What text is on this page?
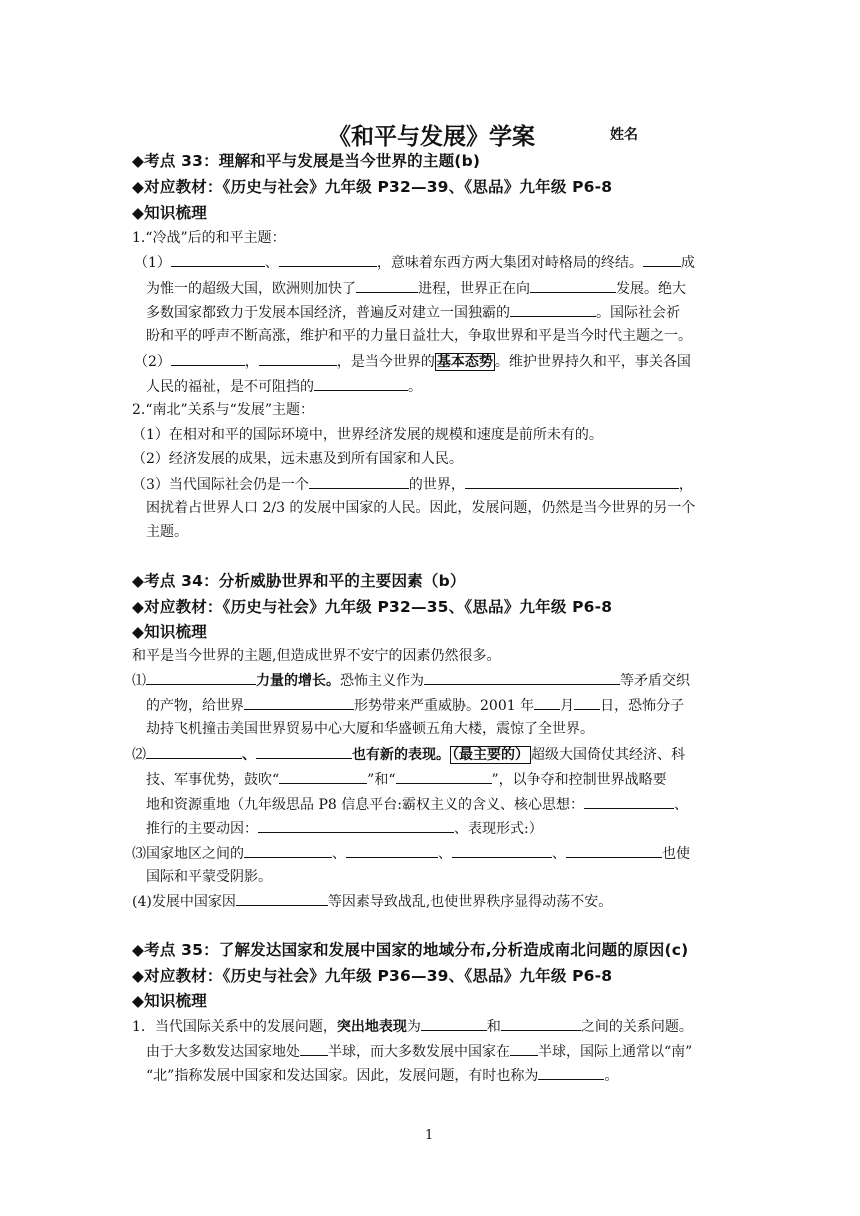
《和平与发展》学案	姓名
◆考点 33：理解和平与发展是当今世界的主题(b)
◆对应教材：《历史与社会》九年级 P32—39、《思品》九年级 P6-8
◆知识梳理
1.“冷战”后的和平主题：
（1）	、	，意味着东西方两大集团对峙格局的终结。	成
为惟一的超级大国，欧洲则加快了	进程，世界正在向	发展。绝大
多数国家都致力于发展本国经济，普遍反对建立一国独霸的	。国际社会祈
盼和平的呼声不断高涨，维护和平的力量日益壮大，争取世界和平是当今时代主题之一。
（2）	，	，是当今世界的 基本态势 。维护世界持久和平，事关各国
人民的福祉，是不可阻挡的	。
2.“南北”关系与“发展”主题：
（1）在相对和平的国际环境中，世界经济发展的规模和速度是前所未有的。
（2）经济发展的成果，远未惠及到所有国家和人民。
（3）当代国际社会仍是一个	的世界，	，
困扰着占世界人口 2/3 的发展中国家的人民。因此，发展问题，仍然是当今世界的另一个
主题。
◆考点 34：分析威胁世界和平的主要因素（b）
◆对应教材：《历史与社会》九年级 P32—35、《思品》九年级 P6-8
◆知识梳理
和平是当今世界的主题,但造成世界不安宁的因素仍然很多。
⑴	力量的增长。恐怖主义作为	等矛盾交织
的产物，给世界	形势带来严重威胁。2001 年 月 日，恐怖分子
劫持飞机撞击美国世界贸易中心大厦和华盛顿五角大楼，震惊了全世界。
⑵	、	也有新的表现。 （最主要的） 超级大国倚仗其经济、科
技、军事优势，鼓吹“	”和“	”，以争夺和控制世界战略要
地和资源重地（九年级思品 P8 信息平台:霸权主义的含义、核心思想：	、
推行的主要动因：	、表现形式:）
⑶国家地区之间的	、	、	、	也使
国际和平蒙受阴影。
(4)发展中国家因	等因素导致战乱,也使世界秩序显得动荡不安。
◆考点 35：了解发达国家和发展中国家的地域分布,分析造成南北问题的原因(c)
◆对应教材：《历史与社会》九年级 P36—39、《思品》九年级 P6-8
◆知识梳理
1．当代国际关系中的发展问题，突出地表现为	和	之间的关系问题。
由于大多数发达国家地处 半球，而大多数发展中国家在 半球，国际上通常以“南”
“北”指称发展中国家和发达国家。因此，发展问题，有时也称为	。
1
